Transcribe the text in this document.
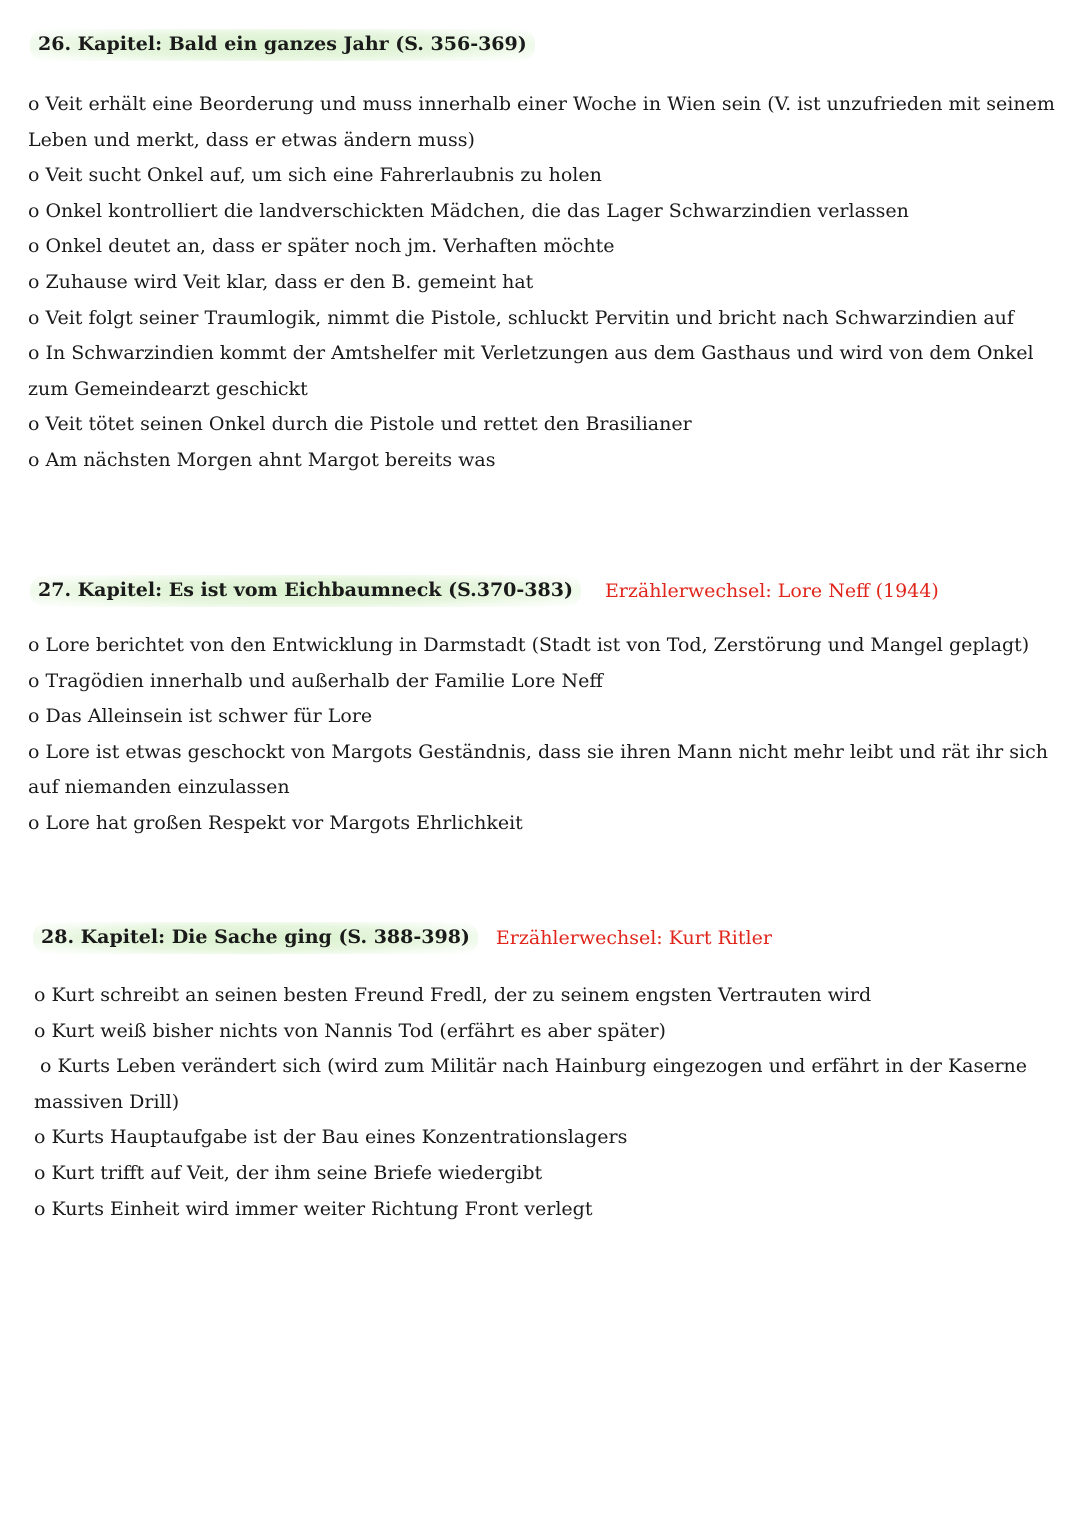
26. Kapitel: Bald ein ganzes Jahr (S. 356-369)
o Veit erhält eine Beorderung und muss innerhalb einer Woche in Wien sein (V. ist unzufrieden mit seinem Leben und merkt, dass er etwas ändern muss)
o Veit sucht Onkel auf, um sich eine Fahrerlaubnis zu holen
o Onkel kontrolliert die landverschickten Mädchen, die das Lager Schwarzindien verlassen
o Onkel deutet an, dass er später noch jm. Verhaften möchte
o Zuhause wird Veit klar, dass er den B. gemeint hat
o Veit folgt seiner Traumlogik, nimmt die Pistole, schluckt Pervitin und bricht nach Schwarzindien auf
o In Schwarzindien kommt der Amtshelfer mit Verletzungen aus dem Gasthaus und wird von dem Onkel zum Gemeindearzt geschickt
o Veit tötet seinen Onkel durch die Pistole und rettet den Brasilianer
o Am nächsten Morgen ahnt Margot bereits was
27. Kapitel: Es ist vom Eichbaumneck (S.370-383)	Erzählerwechsel: Lore Neff (1944)
o Lore berichtet von den Entwicklung in Darmstadt (Stadt ist von Tod, Zerstörung und Mangel geplagt)
o Tragödien innerhalb und außerhalb der Familie Lore Neff
o Das Alleinsein ist schwer für Lore
o Lore ist etwas geschockt von Margots Geständnis, dass sie ihren Mann nicht mehr leibt und rät ihr sich auf niemanden einzulassen
o Lore hat großen Respekt vor Margots Ehrlichkeit
28. Kapitel: Die Sache ging (S. 388-398)	Erzählerwechsel: Kurt Ritler
o Kurt schreibt an seinen besten Freund Fredl, der zu seinem engsten Vertrauten wird
o Kurt weiß bisher nichts von Nannis Tod (erfährt es aber später)
o Kurts Leben verändert sich (wird zum Militär nach Hainburg eingezogen und erfährt in der Kaserne massiven Drill)
o Kurts Hauptaufgabe ist der Bau eines Konzentrationslagers
o Kurt trifft auf Veit, der ihm seine Briefe wiedergibt
o Kurts Einheit wird immer weiter Richtung Front verlegt
